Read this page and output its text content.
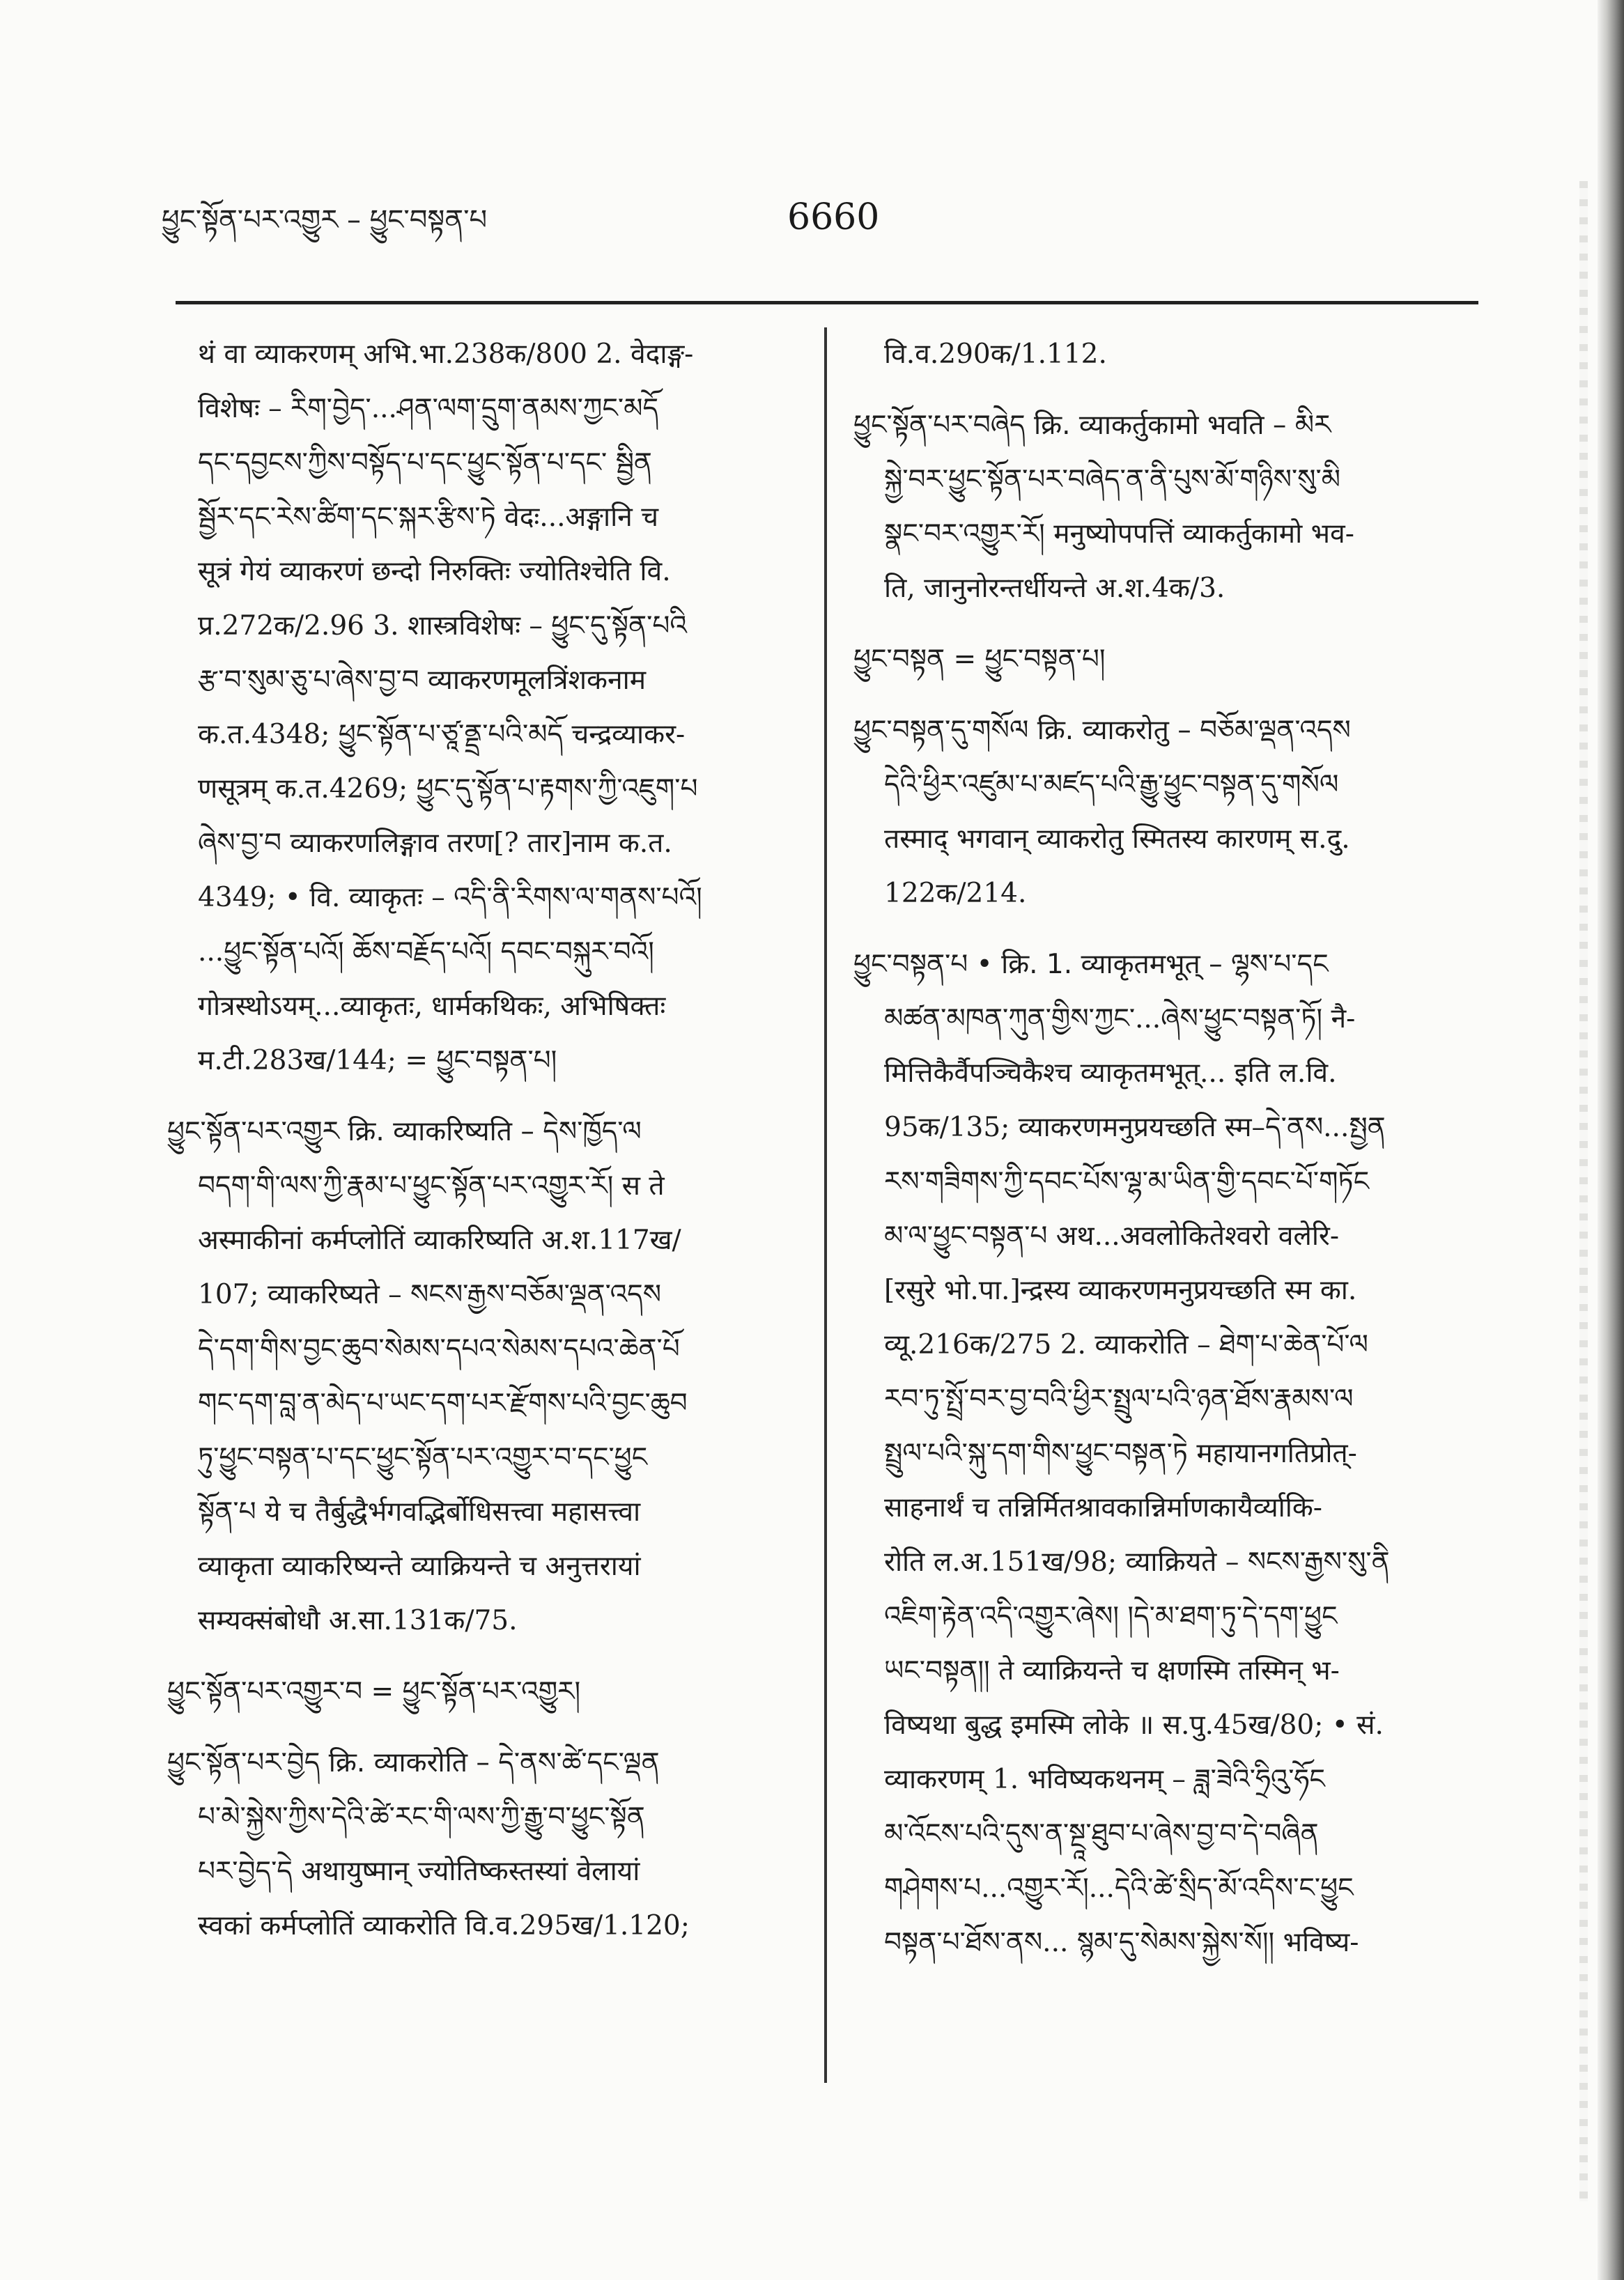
ཕྱུང་སྟོན་པར་འགྱུར – ཕྱུང་བསྟན་པ	6660
थं वा व्याकरणम् अभि.भा.238क/800 2. वेदाङ्ग-
विशेषः – རིག་བྱེད་...ཤན་ལག་དྲུག་ནམས་ཀྱང་མདོ
དང་དབྱངས་ཀྱིས་བསྟོད་པ་དང་ཕྱུང་སྟོན་པ་དང་ སྦྱིན
སྦྱོར་དང་རེས་ཚིག་དང་སྐར་རྩིས་ཏེ वेदः...अङ्गानि च
सूत्रं गेयं व्याकरणं छन्दो निरुक्तिः ज्योतिश्चेति वि.
प्र.272क/2.96 3. शास्त्रविशेषः – ཕྱུང་དུ་སྟོན་པའི
རྩ་བ་སུམ་ཅུ་པ་ཞེས་བྱ་བ व्याकरणमूलत्रिंशकनाम
क.त.4348; ཕྱུང་སྟོན་པ་ཙཱ་ནྡྲ་པའི་མདོ चन्द्रव्याकर-
णसूत्रम् क.त.4269; ཕྱུང་དུ་སྟོན་པ་རྟགས་ཀྱི་འཇུག་པ
ཞེས་བྱ་བ व्याकरणलिङ्गाव तरण[? तार]नाम क.त.
4349; • वि. व्याकृतः – འདི་ནི་རིགས་ལ་གནས་པའོ།
...ཕྱུང་སྟོན་པའོ། ཆོས་བརྗོད་པའོ། དབང་བསྐུར་བའོ།
गोत्रस्थोऽयम्...व्याकृतः, धार्मकथिकः, अभिषिक्तः
म.टी.283ख/144; = ཕྱུང་བསྟན་པ།
ཕྱུང་སྟོན་པར་འགྱུར क्रि. व्याकरिष्यति – དེས་ཁྱོད་ལ
བདག་གི་ལས་ཀྱི་རྣམ་པ་ཕྱུང་སྟོན་པར་འགྱུར་རོ། स ते
अस्माकीनां कर्मप्लोतिं व्याकरिष्यति अ.श.117ख/
107; व्याकरिष्यते – སངས་རྒྱས་བཅོམ་ལྡན་འདས
དེ་དག་གིས་བྱང་ཆུབ་སེམས་དཔའ་སེམས་དཔའ་ཆེན་པོ
གང་དག་བླ་ན་མེད་པ་ཡང་དག་པར་རྫོགས་པའི་བྱང་ཆུབ
ཏུ་ཕྱུང་བསྟན་པ་དང་ཕྱུང་སྟོན་པར་འགྱུར་བ་དང་ཕྱུང
སྟོན་པ ये च तैर्बुद्धैर्भगवद्भिर्बोधिसत्त्वा महासत्त्वा
व्याकृता व्याकरिष्यन्ते व्याक्रियन्ते च अनुत्तरायां
सम्यक्संबोधौ अ.सा.131क/75.
ཕྱུང་སྟོན་པར་འགྱུར་བ = ཕྱུང་སྟོན་པར་འགྱུར།
ཕྱུང་སྟོན་པར་བྱེད क्रि. व्याकरोति – དེ་ནས་ཚེ་དང་ལྡན
པ་མེ་སྐྱེས་ཀྱིས་དེའི་ཚེ་རང་གི་ལས་ཀྱི་རྒྱུ་བ་ཕྱུང་སྟོན
པར་བྱེད་དེ अथायुष्मान् ज्योतिष्कस्तस्यां वेलायां
स्वकां कर्मप्लोतिं व्याकरोति वि.व.295ख/1.120;
वि.व.290क/1.112.
ཕྱུང་སྟོན་པར་བཞེད क्रि. व्याकर्तुकामो भवति – མིར
སྐྱེ་བར་ཕྱུང་སྟོན་པར་བཞེད་ན་ནི་པུས་མོ་གཉིས་སུ་མི
སྣང་བར་འགྱུར་རོ། मनुष्योपपत्तिं व्याकर्तुकामो भव-
ति, जानुनोरन्तर्धीयन्ते अ.श.4क/3.
ཕྱུང་བསྟན = ཕྱུང་བསྟན་པ།
ཕྱུང་བསྟན་དུ་གསོལ क्रि. व्याकरोतु – བཅོམ་ལྡན་འདས
དེའི་ཕྱིར་འཛུམ་པ་མཛད་པའི་རྒྱུ་ཕྱུང་བསྟན་དུ་གསོལ
तस्माद् भगवान् व्याकरोतु स्मितस्य कारणम् स.दु.
122क/214.
ཕྱུང་བསྟན་པ • क्रि. 1. व्याकृतमभूत् – ལྷས་པ་དང
མཚན་མཁན་ཀུན་གྱིས་ཀྱང་...ཞེས་ཕྱུང་བསྟན་ཏོ། नै-
मित्तिकैर्वैपञ्चिकैश्च व्याकृतमभूत्... इति ल.वि.
95क/135; व्याकरणमनुप्रयच्छति स्म–དེ་ནས...སྤྱན
རས་གཟིགས་ཀྱི་དབང་པོས་ལྷ་མ་ཡིན་གྱི་དབང་པོ་གཏོང
མ་ལ་ཕྱུང་བསྟན་པ अथ...अवलोकितेश्वरो वलेरि-
[रसुरे भो.पा.]न्द्रस्य व्याकरणमनुप्रयच्छति स्म का.
व्यू.216क/275 2. व्याकरोति – ཐེག་པ་ཆེན་པོ་ལ
རབ་ཏུ་སྤྲོ་བར་བྱ་བའི་ཕྱིར་སྤྲུལ་པའི་ཉན་ཐོས་རྣམས་ལ
སྤྲུལ་པའི་སྐུ་དག་གིས་ཕྱུང་བསྟན་ཏེ महायानगतिप्रोत्-
साहनार्थं च तन्निर्मितश्रावकान्निर्माणकायैर्व्याकि-
रोति ल.अ.151ख/98; व्याक्रियते – སངས་རྒྱས་སུ་ནི
འཇིག་རྟེན་འདི་འགྱུར་ཞེས། །དེ་མ་ཐག་ཏུ་དེ་དག་ཕྱུང
ཡང་བསྟན།། ते व्याक्रियन्ते च क्षणस्मि तस्मिन् भ-
विष्यथा बुद्ध इमस्मि लोके ॥ स.पु.45ख/80; • सं.
व्याकरणम् 1. भविष्यकथनम् – ཟླ་ཟེའི་ཧྲིའུ་ཧོང
མ་འོངས་པའི་དུས་ན་སྔཱ་ཐུབ་པ་ཞེས་བྱ་བ་དེ་བཞིན
གཤེགས་པ...འགྱུར་རོ།...དེའི་ཚེ་སྲིད་མོ་འདིས་ང་ཕྱུང
བསྟན་པ་ཐོས་ནས... སྙམ་དུ་སེམས་སྐྱེས་སོ།། भविष्य-
